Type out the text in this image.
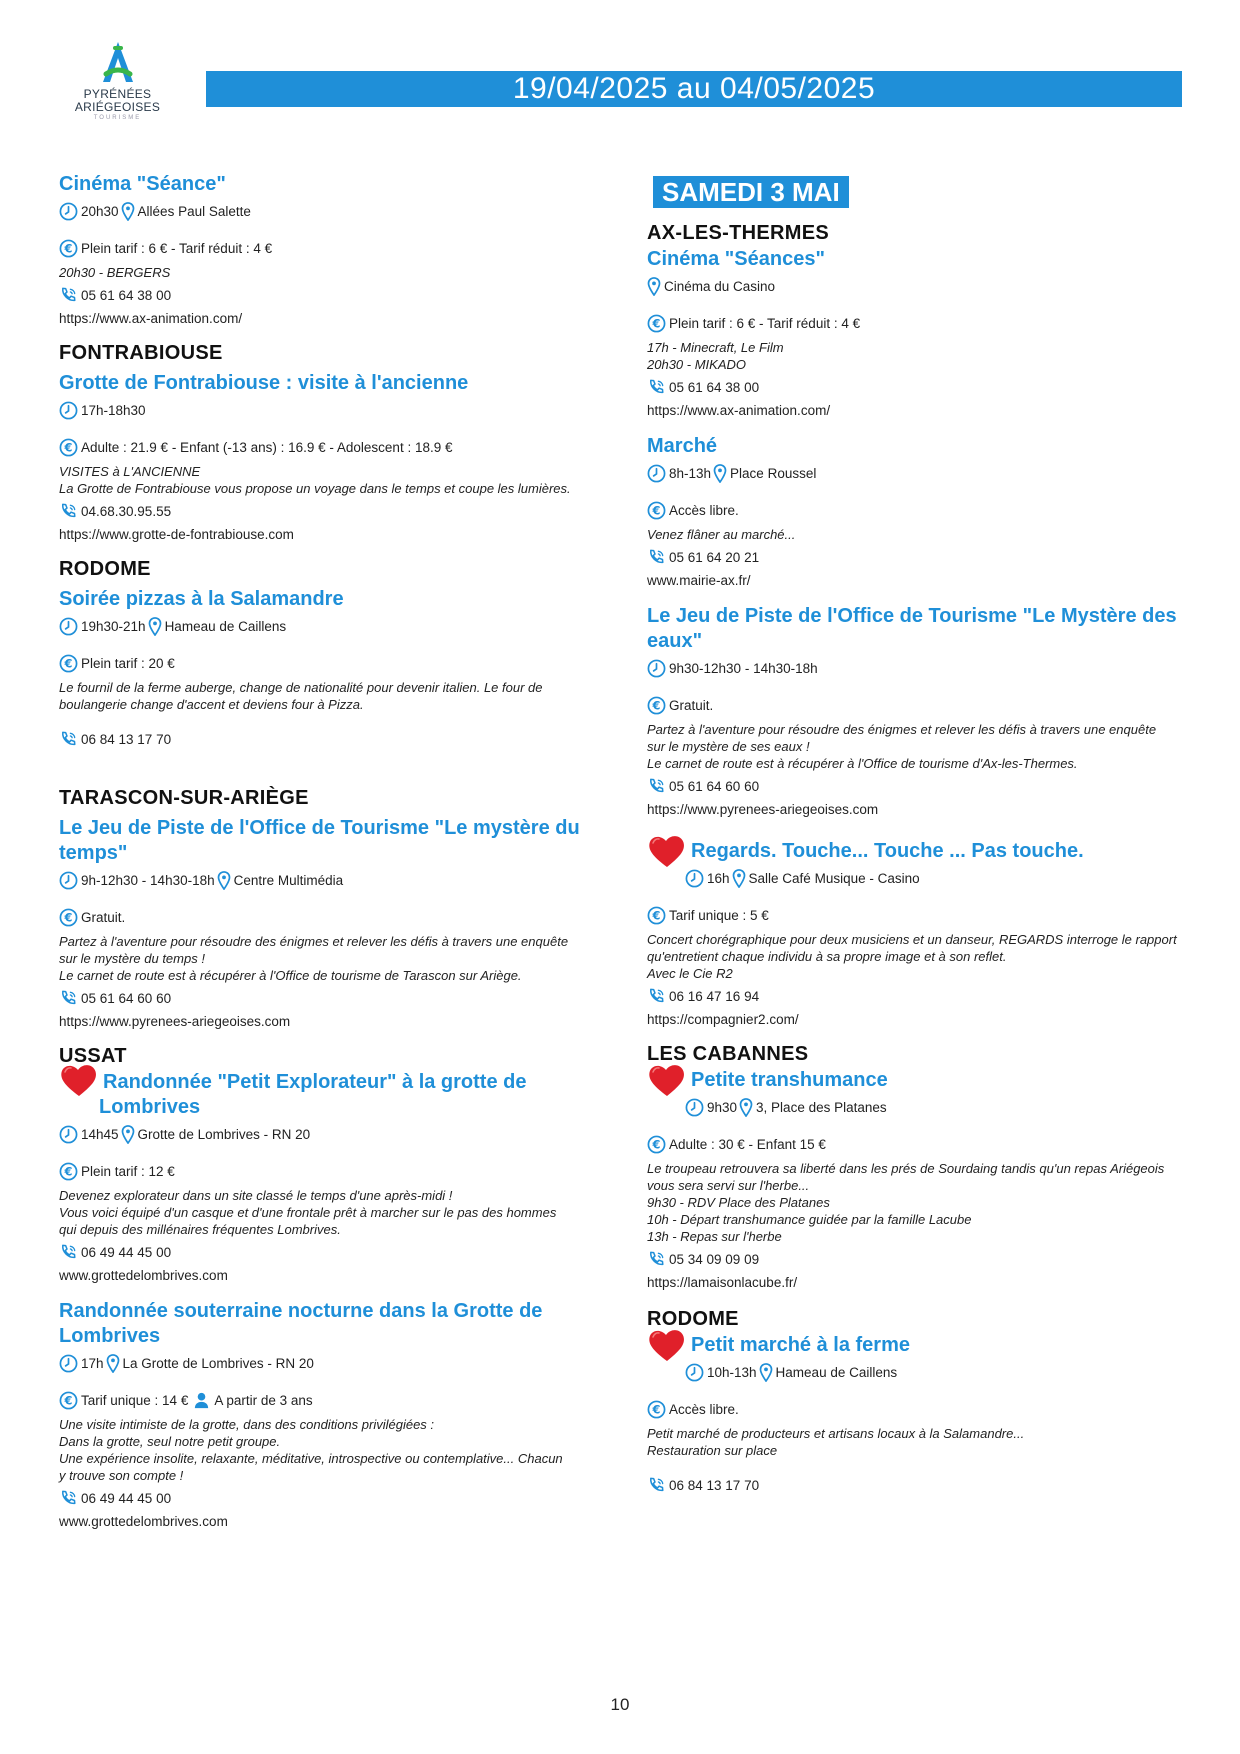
PYRÉNÉES
ARIÉGEOISES
TOURISME
19/04/2025 au 04/05/2025
Cinéma "Séance"
20h30 Allées Paul Salette
Plein tarif : 6 € - Tarif réduit : 4 €
20h30 - BERGERS
05 61 64 38 00
https://www.ax-animation.com/
FONTRABIOUSE
Grotte de Fontrabiouse : visite à l'ancienne
17h-18h30
Adulte : 21.9 € - Enfant (-13 ans) : 16.9 € - Adolescent : 18.9 €
VISITES à L'ANCIENNE
La Grotte de Fontrabiouse vous propose un voyage dans le temps et coupe les lumières.
04.68.30.95.55
https://www.grotte-de-fontrabiouse.com
RODOME
Soirée pizzas à la Salamandre
19h30-21h Hameau de Caillens
Plein tarif : 20 €
Le fournil de la ferme auberge, change de nationalité pour devenir italien. Le four de
boulangerie change d'accent et deviens four à Pizza.
06 84 13 17 70
TARASCON-SUR-ARIÈGE
Le Jeu de Piste de l'Office de Tourisme "Le mystère du
temps"
9h-12h30 - 14h30-18h Centre Multimédia
Gratuit.
Partez à l'aventure pour résoudre des énigmes et relever les défis à travers une enquête
sur le mystère du temps !
Le carnet de route est à récupérer à l'Office de tourisme de Tarascon sur Ariège.
05 61 64 60 60
https://www.pyrenees-ariegeoises.com
USSAT
Randonnée "Petit Explorateur" à la grotte de
Lombrives
14h45 Grotte de Lombrives - RN 20
Plein tarif : 12 €
Devenez explorateur dans un site classé le temps d'une après-midi !
Vous voici équipé d'un casque et d'une frontale prêt à marcher sur le pas des hommes
qui depuis des millénaires fréquentes Lombrives.
06 49 44 45 00
www.grottedelombrives.com
Randonnée souterraine nocturne dans la Grotte de
Lombrives
17h La Grotte de Lombrives - RN 20
Tarif unique : 14 € A partir de 3 ans
Une visite intimiste de la grotte, dans des conditions privilégiées :
Dans la grotte, seul notre petit groupe.
Une expérience insolite, relaxante, méditative, introspective ou contemplative... Chacun
y trouve son compte !
06 49 44 45 00
www.grottedelombrives.com
SAMEDI 3 MAI
AX-LES-THERMES
Cinéma "Séances"
Cinéma du Casino
Plein tarif : 6 € - Tarif réduit : 4 €
17h - Minecraft, Le Film
20h30 - MIKADO
05 61 64 38 00
https://www.ax-animation.com/
Marché
8h-13h Place Roussel
Accès libre.
Venez flâner au marché...
05 61 64 20 21
www.mairie-ax.fr/
Le Jeu de Piste de l'Office de Tourisme "Le Mystère des
eaux"
9h30-12h30 - 14h30-18h
Gratuit.
Partez à l'aventure pour résoudre des énigmes et relever les défis à travers une enquête
sur le mystère de ses eaux !
Le carnet de route est à récupérer à l'Office de tourisme d'Ax-les-Thermes.
05 61 64 60 60
https://www.pyrenees-ariegeoises.com
Regards. Touche... Touche ... Pas touche.
16h Salle Café Musique - Casino
Tarif unique : 5 €
Concert chorégraphique pour deux musiciens et un danseur, REGARDS interroge le rapport
qu'entretient chaque individu à sa propre image et à son reflet.
Avec le Cie R2
06 16 47 16 94
https://compagnier2.com/
LES CABANNES
Petite transhumance
9h30 3, Place des Platanes
Adulte : 30 € - Enfant 15 €
Le troupeau retrouvera sa liberté dans les prés de Sourdaing tandis qu'un repas Ariégeois
vous sera servi sur l'herbe...
9h30 - RDV Place des Platanes
10h - Départ transhumance guidée par la famille Lacube
13h - Repas sur l'herbe
05 34 09 09 09
https://lamaisonlacube.fr/
RODOME
Petit marché à la ferme
10h-13h Hameau de Caillens
Accès libre.
Petit marché de producteurs et artisans locaux à la Salamandre...
Restauration sur place
06 84 13 17 70
10
